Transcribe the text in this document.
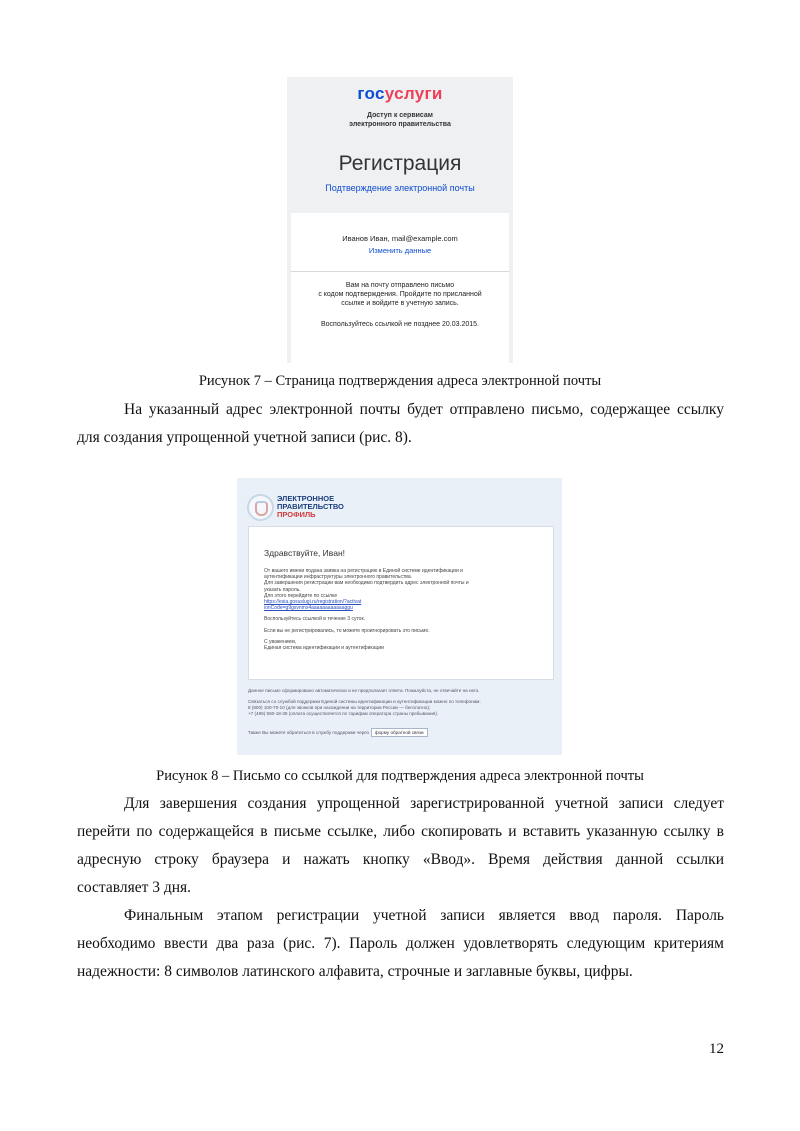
госуслуги
Доступ к сервисам
электронного правительства
Регистрация
Подтверждение электронной почты
Иванов Иван, mail@example.com
Изменить данные
Вам на почту отправлено письмо
с кодом подтверждения. Пройдите по присланной
ссылке и войдите в учетную запись.
Воспользуйтесь ссылкой не позднее 20.03.2015.
Рисунок 7 – Страница подтверждения адреса электронной почты
На указанный адрес электронной почты будет отправлено письмо, содержащее ссылку
для создания упрощенной учетной записи (рис. 8).
ЭЛЕКТРОННОЕ
ПРАВИТЕЛЬСТВО
ПРОФИЛЬ
Здравствуйте, Иван!
От вашего имени подана заявка на регистрацию в Единой системе идентификации и
аутентификации инфраструктуры электронного правительства.
Для завершения регистрации вам необходимо подтвердить адрес электронной почты и
указать пароль.
Для этого перейдите по ссылке
https://esia.gosuslugi.ru/registration/?activat
ionCode=g9gsvnmx4aaaaaaaaaaaaggu
Воспользуйтесь ссылкой в течение 3 суток.
Если вы не регистрировались, то можете проигнорировать это письмо.
С уважением,
Единая система идентификации и аутентификации
Данное письмо сформировано автоматически и не предполагает ответа. Пожалуйста, не отвечайте на него.
Связаться со службой поддержки Единой системы идентификации и аутентификации можно по телефонам:
8 (800) 100-70-10 (для звонков при нахождении на территории России — бесплатно);
+7 (499) 550-18-39 (оплата осуществляется по тарифам оператора страны пребывания).
Также Вы можете обратиться в службу поддержки через форму обратной связи
Рисунок 8 – Письмо со ссылкой для подтверждения адреса электронной почты
Для завершения создания упрощенной зарегистрированной учетной записи следует
перейти по содержащейся в письме ссылке, либо скопировать и вставить указанную ссылку в
адресную строку браузера и нажать кнопку «Ввод». Время действия данной ссылки
составляет 3 дня.
Финальным этапом регистрации учетной записи является ввод пароля. Пароль
необходимо ввести два раза (рис. 7). Пароль должен удовлетворять следующим критериям
надежности: 8 символов латинского алфавита, строчные и заглавные буквы, цифры.
12
